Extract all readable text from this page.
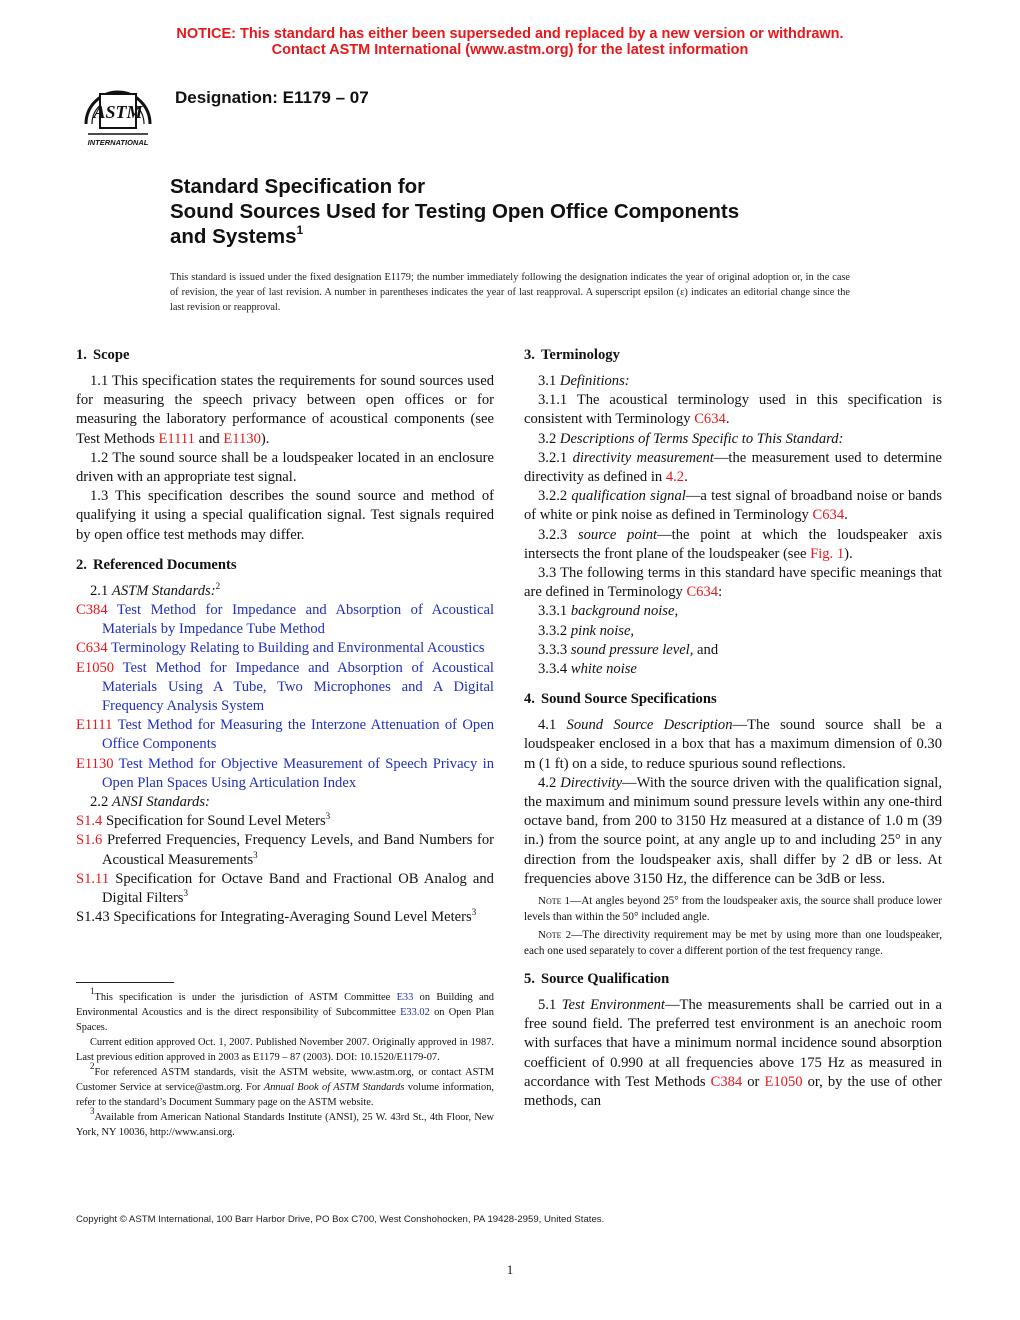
NOTICE: This standard has either been superseded and replaced by a new version or withdrawn.
Contact ASTM International (www.astm.org) for the latest information
ASTM
INTERNATIONAL
Designation: E1179 – 07
Standard Specification for
Sound Sources Used for Testing Open Office Components
and Systems$^1$
This standard is issued under the fixed designation E1179; the number immediately following the designation indicates the year of original adoption or, in the case of revision, the year of last revision. A number in parentheses indicates the year of last reapproval. A superscript epsilon (ε) indicates an editorial change since the last revision or reapproval.
1. Scope

1.1 This specification states the requirements for sound sources used for measuring the speech privacy between open offices or for measuring the laboratory performance of acoustical components (see Test Methods E1111 and E1130).

1.2 The sound source shall be a loudspeaker located in an enclosure driven with an appropriate test signal.

1.3 This specification describes the sound source and method of qualifying it using a special qualification signal. Test signals required by open office test methods may differ.

2. Referenced Documents

2.1 ASTM Standards:$^2$

C384 Test Method for Impedance and Absorption of Acoustical Materials by Impedance Tube Method
C634 Terminology Relating to Building and Environmental Acoustics
E1050 Test Method for Impedance and Absorption of Acoustical Materials Using A Tube, Two Microphones and A Digital Frequency Analysis System
E1111 Test Method for Measuring the Interzone Attenuation of Open Office Components
E1130 Test Method for Objective Measurement of Speech Privacy in Open Plan Spaces Using Articulation Index

2.2 ANSI Standards:

S1.4 Specification for Sound Level Meters$^3$
S1.6 Preferred Frequencies, Frequency Levels, and Band Numbers for Acoustical Measurements$^3$
S1.11 Specification for Octave Band and Fractional OB Analog and Digital Filters$^3$
S1.43 Specifications for Integrating-Averaging Sound Level Meters$^3$

$^1$This specification is under the jurisdiction of ASTM Committee E33 on Building and Environmental Acoustics and is the direct responsibility of Subcommittee E33.02 on Open Plan Spaces.

Current edition approved Oct. 1, 2007. Published November 2007. Originally approved in 1987. Last previous edition approved in 2003 as E1179 – 87 (2003). DOI: 10.1520/E1179-07.

$^2$For referenced ASTM standards, visit the ASTM website, www.astm.org, or contact ASTM Customer Service at service@astm.org. For Annual Book of ASTM Standards volume information, refer to the standard’s Document Summary page on the ASTM website.

$^3$Available from American National Standards Institute (ANSI), 25 W. 43rd St., 4th Floor, New York, NY 10036, http://www.ansi.org.

3. Terminology

3.1 Definitions:

3.1.1 The acoustical terminology used in this specification is consistent with Terminology C634.

3.2 Descriptions of Terms Specific to This Standard:

3.2.1 directivity measurement—the measurement used to determine directivity as defined in 4.2.

3.2.2 qualification signal—a test signal of broadband noise or bands of white or pink noise as defined in Terminology C634.

3.2.3 source point—the point at which the loudspeaker axis intersects the front plane of the loudspeaker (see Fig. 1).

3.3 The following terms in this standard have specific meanings that are defined in Terminology C634:

3.3.1 background noise,

3.3.2 pink noise,

3.3.3 sound pressure level, and

3.3.4 white noise

4. Sound Source Specifications

4.1 Sound Source Description—The sound source shall be a loudspeaker enclosed in a box that has a maximum dimension of 0.30 m (1 ft) on a side, to reduce spurious sound reflections.

4.2 Directivity—With the source driven with the qualification signal, the maximum and minimum sound pressure levels within any one-third octave band, from 200 to 3150 Hz measured at a distance of 1.0 m (39 in.) from the source point, at any angle up to and including 25° in any direction from the loudspeaker axis, shall differ by 2 dB or less. At frequencies above 3150 Hz, the difference can be 3dB or less.

Note 1—At angles beyond 25° from the loudspeaker axis, the source shall produce lower levels than within the 50° included angle.
Note 2—The directivity requirement may be met by using more than one loudspeaker, each one used separately to cover a different portion of the test frequency range.
5. Source Qualification

5.1 Test Environment—The measurements shall be carried out in a free sound field. The preferred test environment is an anechoic room with surfaces that have a minimum normal incidence sound absorption coefficient of 0.990 at all frequencies above 175 Hz as measured in accordance with Test Methods C384 or E1050 or, by the use of other methods, can

Copyright © ASTM International, 100 Barr Harbor Drive, PO Box C700, West Conshohocken, PA 19428-2959, United States.
1
